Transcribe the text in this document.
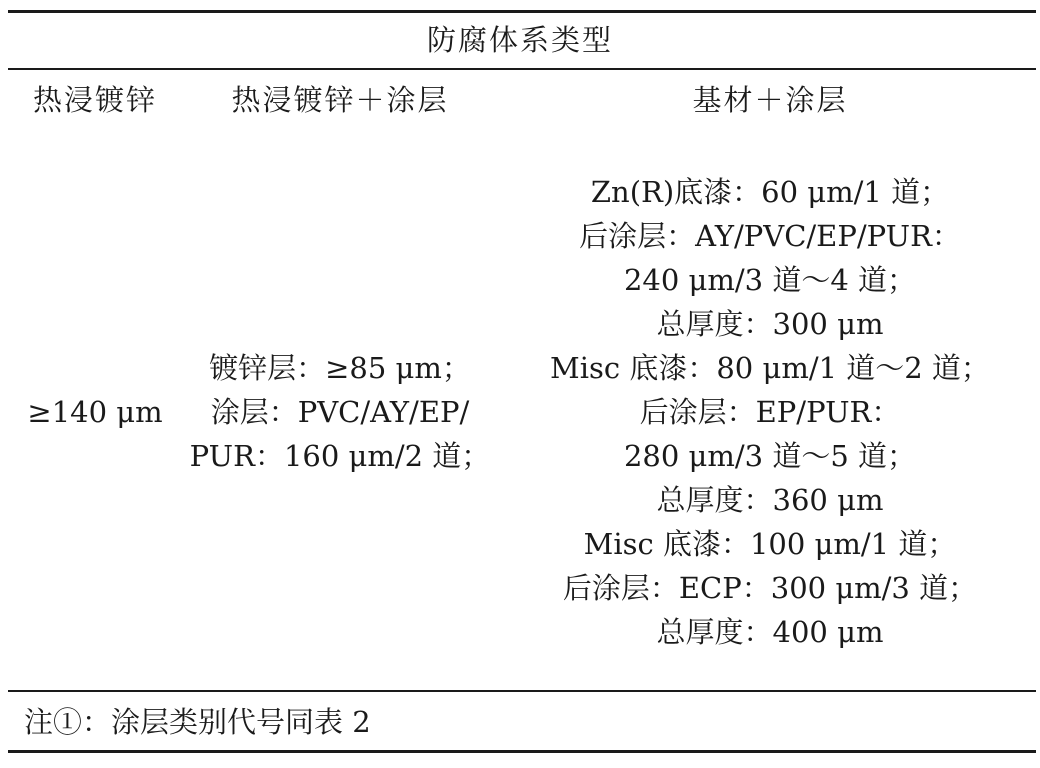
防腐体系类型
热浸镀锌	热浸镀锌＋涂层	基材＋涂层
≥140 μm
镀锌层：≥85 μm；
涂层：PVC/AY/EP/
PUR：160 μm/2 道；
Zn(R)底漆：60 μm/1 道；
后涂层：AY/PVC/EP/PUR：
240 μm/3 道～4 道；
总厚度：300 μm
Misc 底漆：80 μm/1 道～2 道；
后涂层：EP/PUR：
280 μm/3 道～5 道；
总厚度：360 μm
Misc 底漆：100 μm/1 道；
后涂层：ECP：300 μm/3 道；
总厚度：400 μm
注①：涂层类别代号同表 2
